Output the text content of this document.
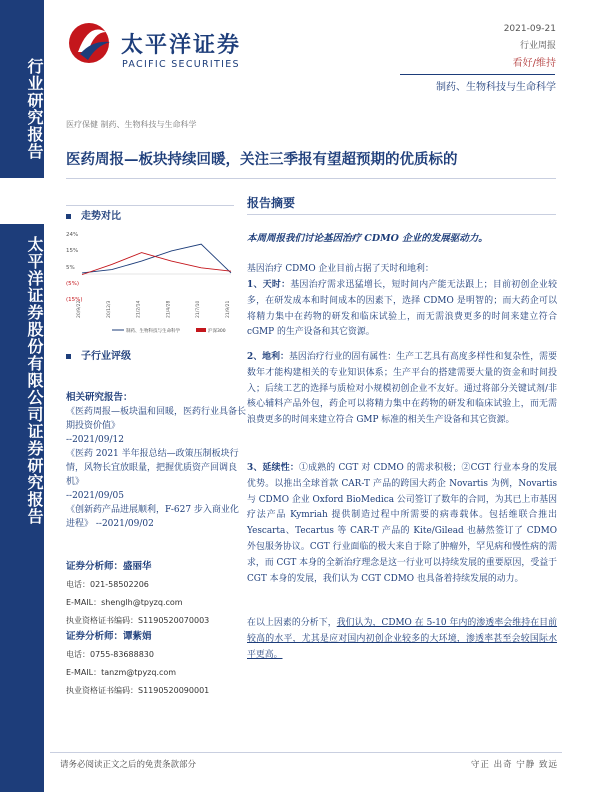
行业研究报告
太平洋证券股份有限公司证券研究报告
太平洋证券
PACIFIC SECURITIES
2021-09-21
行业周报
看好/维持
制药、生物科技与生命科学
医疗保健 制药、生物科技与生命科学
医药周报—板块持续回暖，关注三季报有望超预期的优质标的
走势对比
24%
15%
5%
(5%)
(15%)
20/9/22	20/12/3	21/2/14	21/4/28	21/7/10	21/9/21
制药、生物科技与生命科学	沪深300
子行业评级
相关研究报告：
《医药周报—板块温和回暖，医药行业具备长期投资价值》
--2021/09/12
《医药 2021 半年报总结—政策压制板块行情，风物长宜放眼量，把握优质资产回调良机》
--2021/09/05
《创新药产品进展顺利，F-627 步入商业化进程》 --2021/09/02
证券分析师：盛丽华
电话：021-58502206
E-MAIL：shenglh@tpyzq.com
执业资格证书编码：S1190520070003
证券分析师：谭紫娟
电话：0755-83688830
E-MAIL：tanzm@tpyzq.com
执业资格证书编码：S1190520090001
报告摘要
本周周报我们讨论基因治疗 CDMO 企业的发展驱动力。
基因治疗 CDMO 企业目前占据了天时和地利：
1、天时：基因治疗需求迅猛增长，短时间内产能无法跟上；目前初创企业较多，在研发成本和时间成本的因素下，选择 CDMO 是明智的；而大药企可以将精力集中在药物的研发和临床试验上，而无需浪费更多的时间来建立符合 cGMP 的生产设备和其它资源。
2、地利：基因治疗行业的固有属性：生产工艺具有高度多样性和复杂性，需要数年才能构建相关的专业知识体系；生产平台的搭建需要大量的资金和时间投入；后续工艺的选择与质检对小规模初创企业不友好。通过将部分关键试剂/非核心辅料产品外包，药企可以将精力集中在药物的研发和临床试验上，而无需浪费更多的时间来建立符合 GMP 标准的相关生产设备和其它资源。
3、延续性：①成熟的 CGT 对 CDMO 的需求积极；②CGT 行业本身的发展优势。以推出全球首款 CAR-T 产品的跨国大药企 Novartis 为例，Novartis 与 CDMO 企业 Oxford BioMedica 公司签订了数年的合同，为其已上市基因疗法产品 Kymriah 提供制造过程中所需要的病毒载体。包括维联合推出 Yescarta、Tecartus 等 CAR-T 产品的 Kite/Gilead 也赫然签订了 CDMO 外包服务协议。CGT 行业面临的极大来自于除了肿瘤外，罕见病和慢性病的需求，而 CGT 本身的全新治疗理念是这一行业可以持续发展的重要原因，受益于 CGT 本身的发展，我们认为 CGT CDMO 也具备着持续发展的动力。
在以上因素的分析下，我们认为，CDMO 在 5-10 年内的渗透率会维持在目前较高的水平，尤其是应对国内初创企业较多的大环境，渗透率甚至会较国际水平更高。
请务必阅读正文之后的免责条款部分	守正 出奇 宁静 致远
